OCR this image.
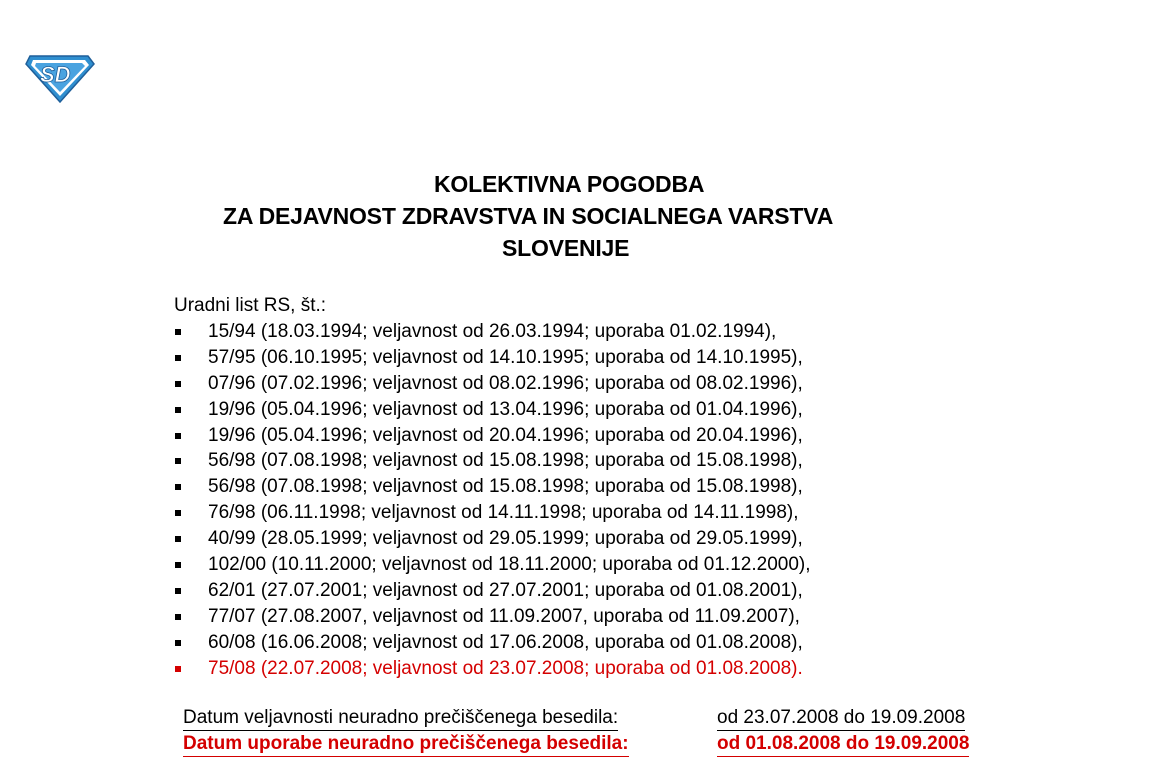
SD
KOLEKTIVNA POGODBA
ZA DEJAVNOST ZDRAVSTVA IN SOCIALNEGA VARSTVA
SLOVENIJE
Uradni list RS, št.:
15/94 (18.03.1994; veljavnost od 26.03.1994; uporaba 01.02.1994),
57/95 (06.10.1995; veljavnost od 14.10.1995; uporaba od 14.10.1995),
07/96 (07.02.1996; veljavnost od 08.02.1996; uporaba od 08.02.1996),
19/96 (05.04.1996; veljavnost od 13.04.1996; uporaba od 01.04.1996),
19/96 (05.04.1996; veljavnost od 20.04.1996; uporaba od 20.04.1996),
56/98 (07.08.1998; veljavnost od 15.08.1998; uporaba od 15.08.1998),
56/98 (07.08.1998; veljavnost od 15.08.1998; uporaba od 15.08.1998),
76/98 (06.11.1998; veljavnost od 14.11.1998; uporaba od 14.11.1998),
40/99 (28.05.1999; veljavnost od 29.05.1999; uporaba od 29.05.1999),
102/00 (10.11.2000; veljavnost od 18.11.2000; uporaba od 01.12.2000),
62/01 (27.07.2001; veljavnost od 27.07.2001; uporaba od 01.08.2001),
77/07 (27.08.2007, veljavnost od 11.09.2007, uporaba od 11.09.2007),
60/08 (16.06.2008; veljavnost od 17.06.2008, uporaba od 01.08.2008),
75/08 (22.07.2008; veljavnost od 23.07.2008; uporaba od 01.08.2008).
Datum veljavnosti neuradno prečiščenega besedila:	od 23.07.2008 do 19.09.2008
Datum uporabe neuradno prečiščenega besedila:	od 01.08.2008 do 19.09.2008
